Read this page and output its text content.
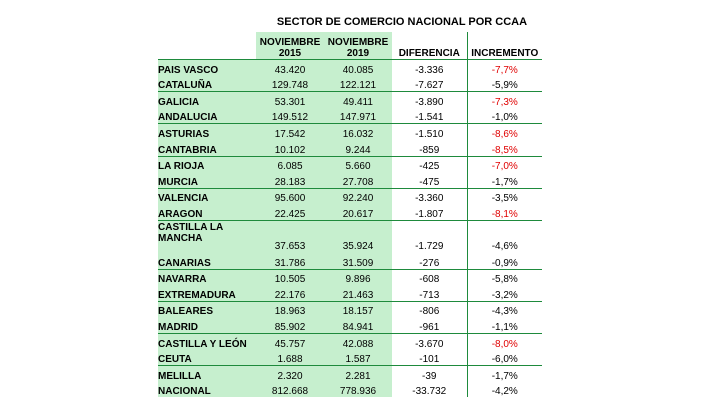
SECTOR DE COMERCIO NACIONAL POR CCAA
	NOVIEMBRE 2015	NOVIEMBRE 2019	DIFERENCIA	INCREMENTO
PAIS VASCO	43.420	40.085	-3.336	-7,7%
CATALUÑA	129.748	122.121	-7.627	-5,9%
GALICIA	53.301	49.411	-3.890	-7,3%
ANDALUCIA	149.512	147.971	-1.541	-1,0%
ASTURIAS	17.542	16.032	-1.510	-8,6%
CANTABRIA	10.102	9.244	-859	-8,5%
LA RIOJA	6.085	5.660	-425	-7,0%
MURCIA	28.183	27.708	-475	-1,7%
VALENCIA	95.600	92.240	-3.360	-3,5%
ARAGON	22.425	20.617	-1.807	-8,1%
CASTILLA LA MANCHA	37.653	35.924	-1.729	-4,6%
CANARIAS	31.786	31.509	-276	-0,9%
NAVARRA	10.505	9.896	-608	-5,8%
EXTREMADURA	22.176	21.463	-713	-3,2%
BALEARES	18.963	18.157	-806	-4,3%
MADRID	85.902	84.941	-961	-1,1%
CASTILLA Y LEÓN	45.757	42.088	-3.670	-8,0%
CEUTA	1.688	1.587	-101	-6,0%
MELILLA	2.320	2.281	-39	-1,7%
NACIONAL	812.668	778.936	-33.732	-4,2%
